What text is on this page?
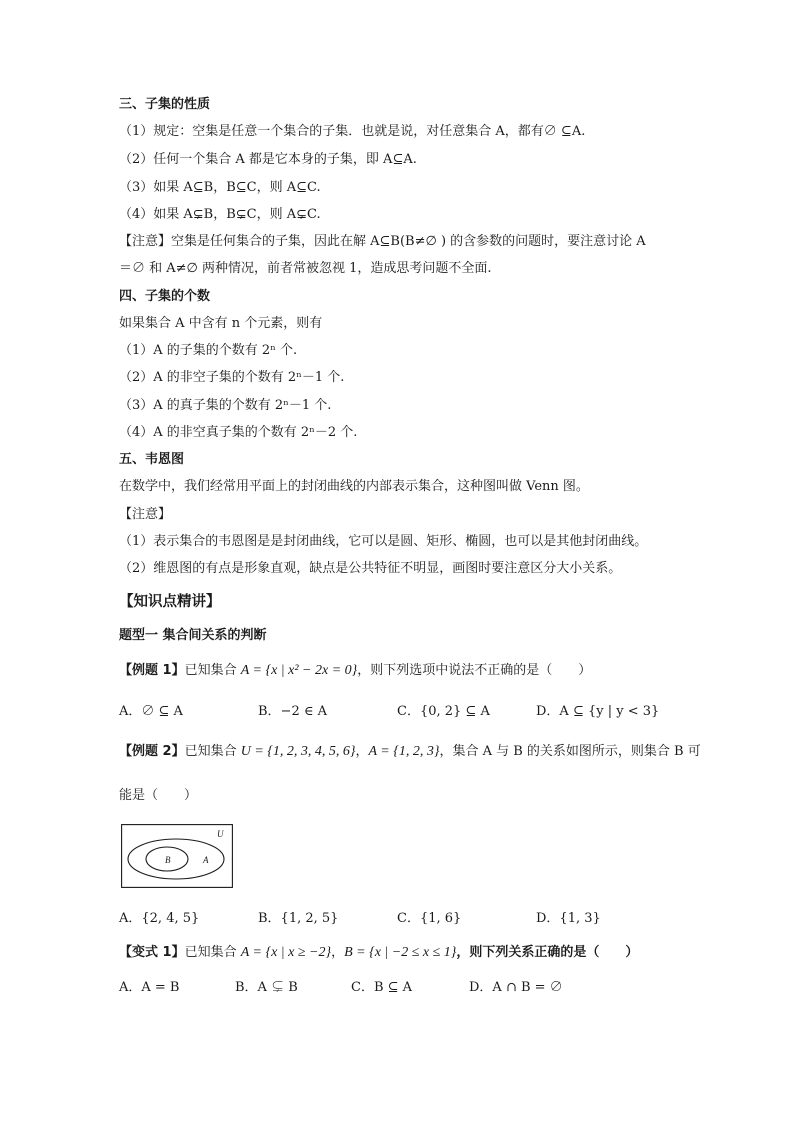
三、子集的性质
（1）规定：空集是任意一个集合的子集．也就是说，对任意集合 A，都有∅ ⊆A.
（2）任何一个集合 A 都是它本身的子集，即 A⊆A.
（3）如果 A⊆B，B⊆C，则 A⊆C.
（4）如果 A⊊B，B⊊C，则 A⊊C.
【注意】空集是任何集合的子集，因此在解 A⊆B(B≠∅ ) 的含参数的问题时，要注意讨论 A
＝∅ 和 A≠∅ 两种情况，前者常被忽视 1，造成思考问题不全面.
四、子集的个数
如果集合 A 中含有 n 个元素，则有
（1）A 的子集的个数有 2ⁿ 个.
（2）A 的非空子集的个数有 2ⁿ－1 个.
（3）A 的真子集的个数有 2ⁿ－1 个.
（4）A 的非空真子集的个数有 2ⁿ－2 个.
五、韦恩图
在数学中，我们经常用平面上的封闭曲线的内部表示集合，这种图叫做 Venn 图。
【注意】
（1）表示集合的韦恩图是是封闭曲线，它可以是圆、矩形、椭圆，也可以是其他封闭曲线。
（2）维恩图的有点是形象直观，缺点是公共特征不明显，画图时要注意区分大小关系。
【知识点精讲】
题型一 集合间关系的判断
【例题 1】已知集合 A = {x | x² − 2x = 0}，则下列选项中说法不正确的是（　　）
A．∅ ⊆ A	B．−2 ∈ A	C．{0, 2} ⊆ A	D．A ⊆ {y | y < 3}
【例题 2】已知集合 U = {1, 2, 3, 4, 5, 6}，A = {1, 2, 3}，集合 A 与 B 的关系如图所示，则集合 B 可
能是（　　）
U
A
B
A．{2, 4, 5}	B．{1, 2, 5}	C．{1, 6}	D．{1, 3}
【变式 1】已知集合 A = {x | x ≥ −2}，B = {x | −2 ≤ x ≤ 1}，则下列关系正确的是（　　）
A．A = B	B．A ⊊ B	C．B ⊆ A	D．A ∩ B = ∅
